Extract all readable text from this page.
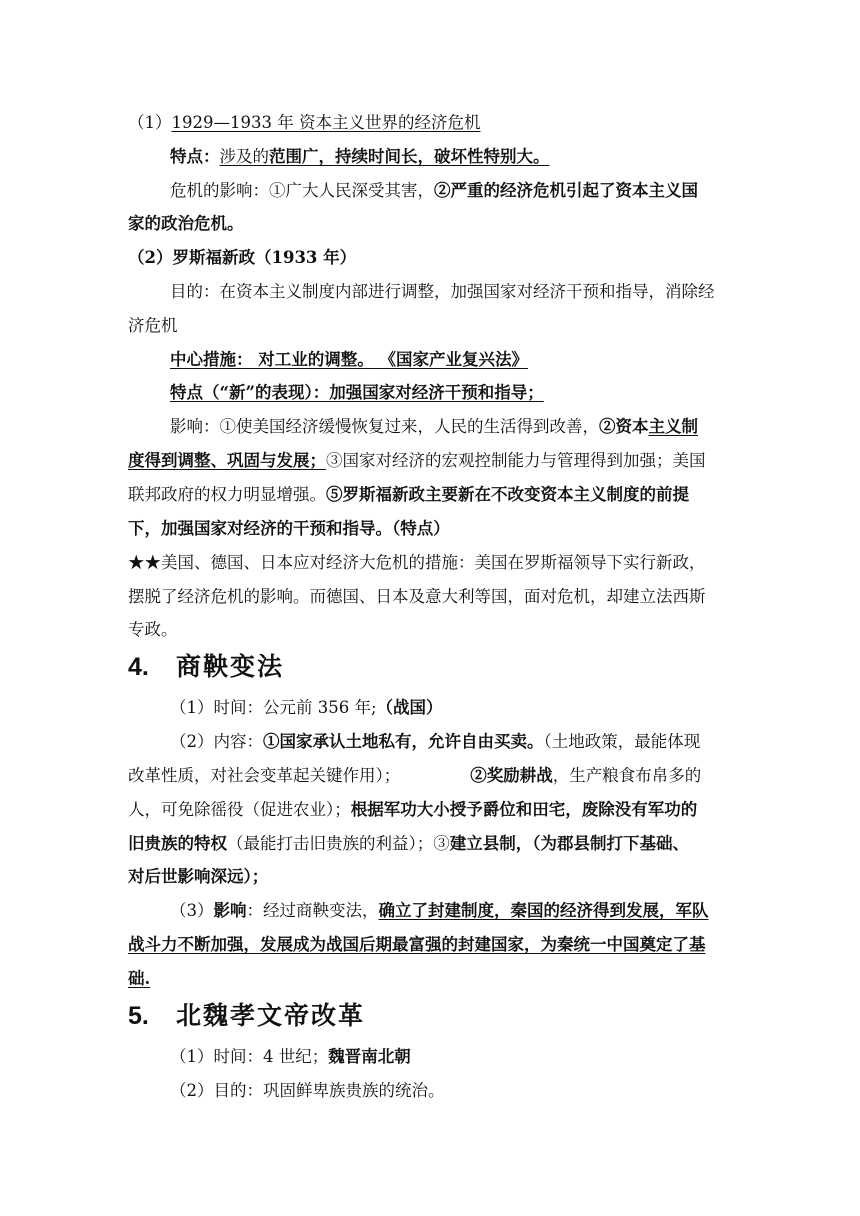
（1）1929—1933 年 资本主义世界的经济危机
特点：涉及的范围广，持续时间长，破坏性特别大。
危机的影响：①广大人民深受其害，②严重的经济危机引起了资本主义国
家的政治危机。
（2）罗斯福新政（1933 年）
目的：在资本主义制度内部进行调整，加强国家对经济干预和指导，消除经
济危机
中心措施： 对工业的调整。 《国家产业复兴法》
特点（“新”的表现）：加强国家对经济干预和指导；
影响：①使美国经济缓慢恢复过来，人民的生活得到改善，②资本主义制
度得到调整、巩固与发展；③国家对经济的宏观控制能力与管理得到加强；美国
联邦政府的权力明显增强。⑤罗斯福新政主要新在不改变资本主义制度的前提
下，加强国家对经济的干预和指导。（特点）
★★美国、德国、日本应对经济大危机的措施：美国在罗斯福领导下实行新政，
摆脱了经济危机的影响。而德国、日本及意大利等国，面对危机，却建立法西斯
专政。
4. 商鞅变法
（1）时间：公元前 356 年;（战国）
（2）内容：①国家承认土地私有，允许自由买卖。（土地政策，最能体现
改革性质，对社会变革起关键作用）；	②奖励耕战，生产粮食布帛多的
人，可免除徭役（促进农业）；根据军功大小授予爵位和田宅，废除没有军功的
旧贵族的特权（最能打击旧贵族的利益）；③建立县制，（为郡县制打下基础、
对后世影响深远）；
（3）影响：经过商鞅变法，确立了封建制度，秦国的经济得到发展，军队
战斗力不断加强，发展成为战国后期最富强的封建国家，为秦统一中国奠定了基
础.
5. 北魏孝文帝改革
（1）时间：4 世纪；魏晋南北朝
（2）目的：巩固鲜卑族贵族的统治。
